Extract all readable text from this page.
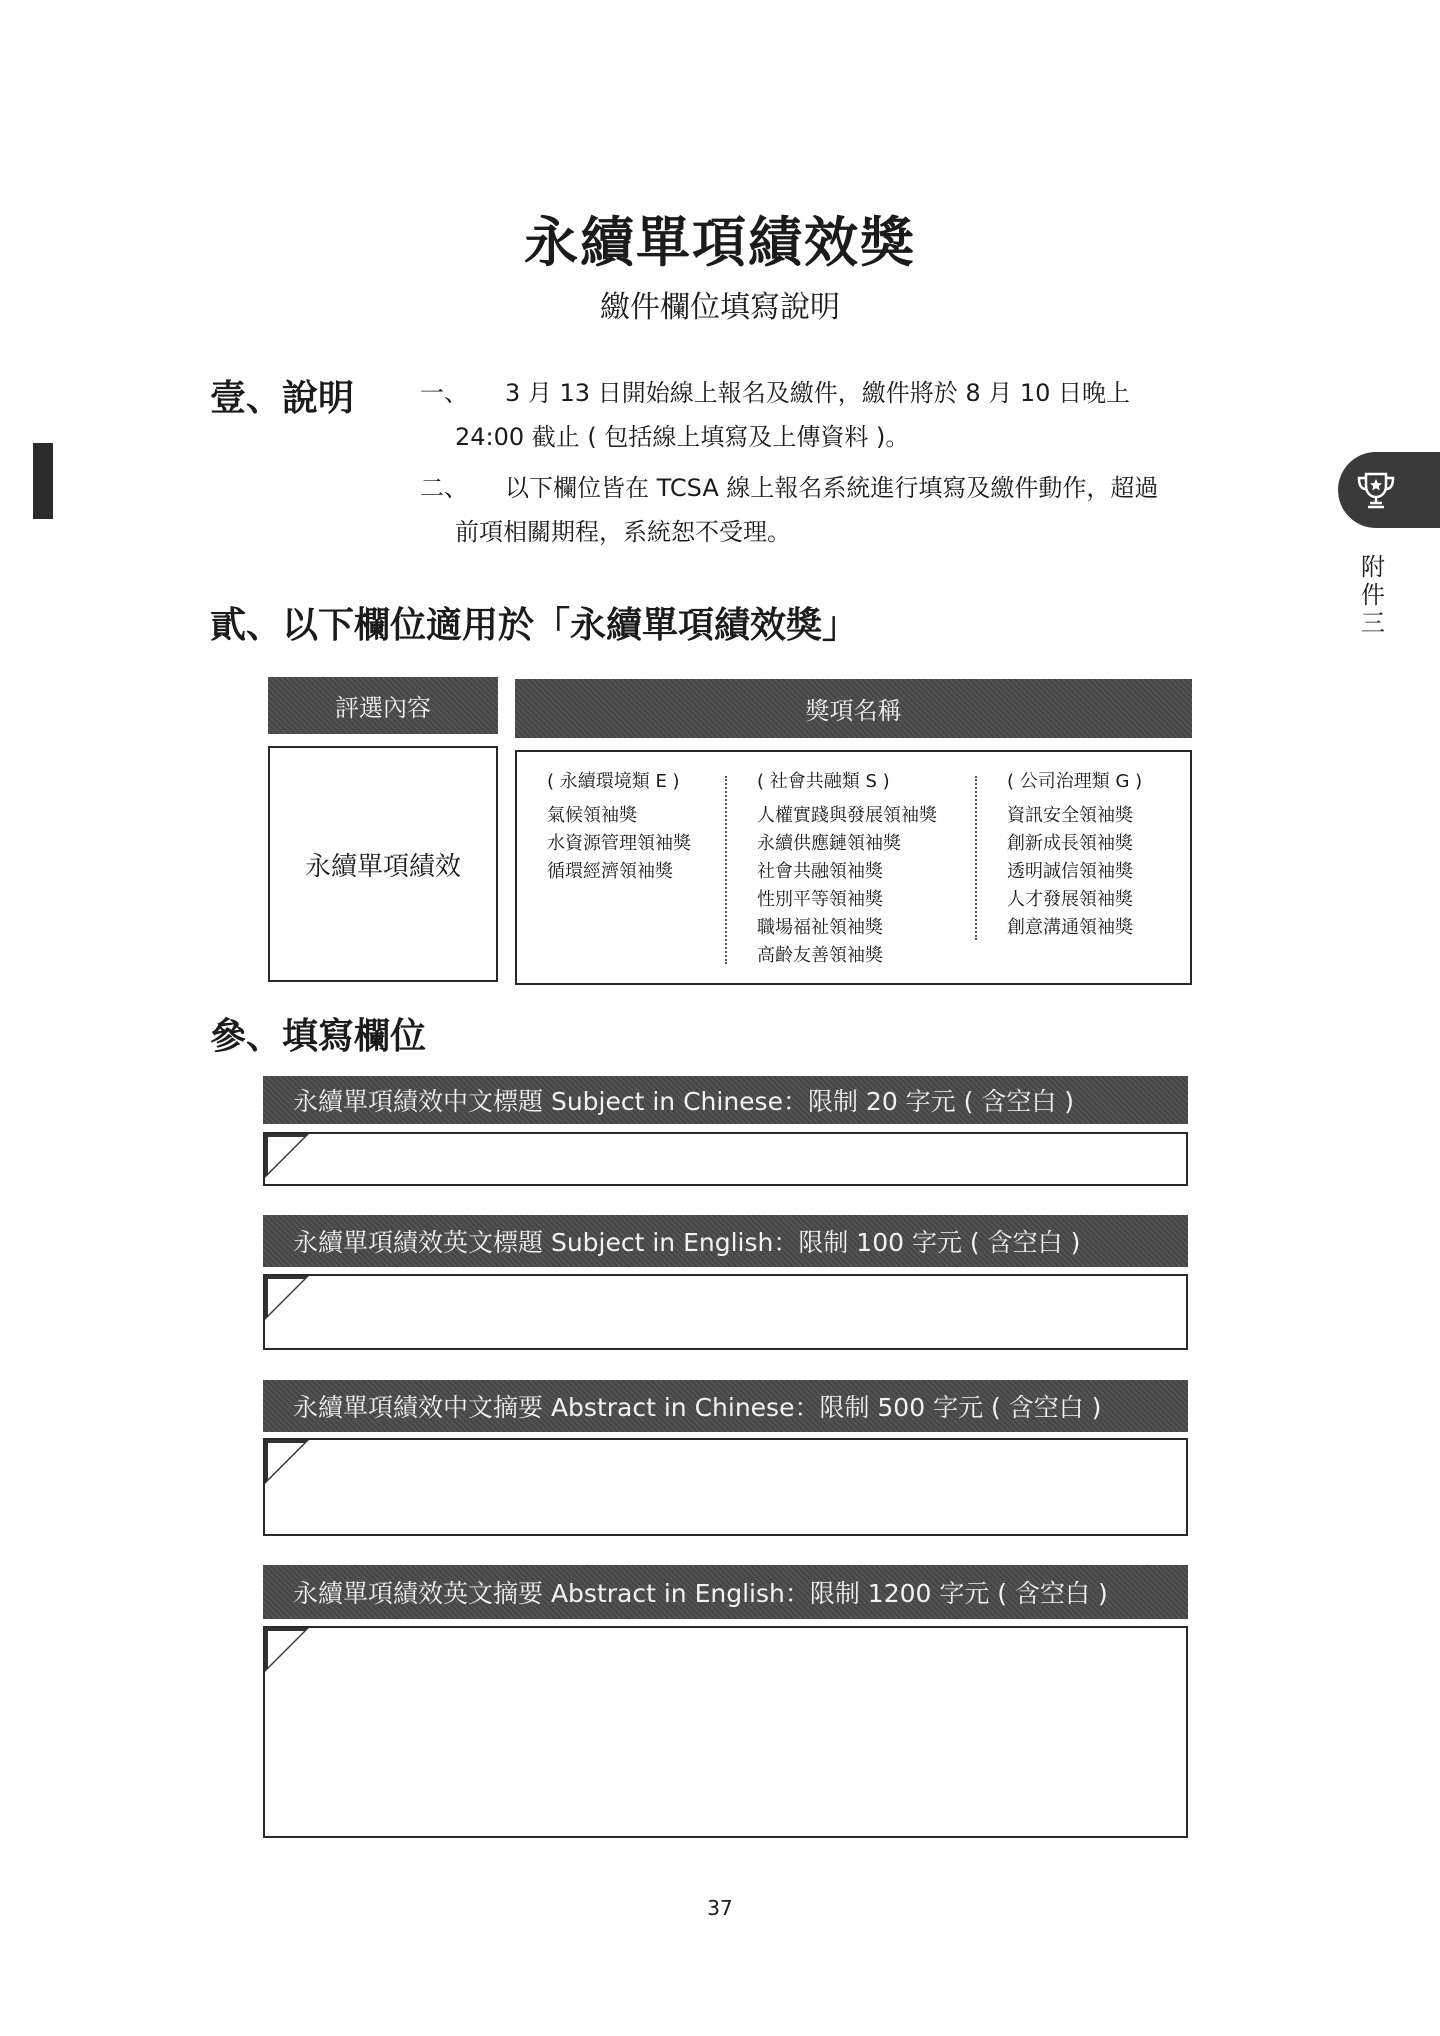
附件三
永續單項績效獎
繳件欄位填寫說明
壹、說明	一、 3 月 13 日開始線上報名及繳件，繳件將於 8 月 10 日晚上
24:00 截止 ( 包括線上填寫及上傳資料 )。
二、 以下欄位皆在 TCSA 線上報名系統進行填寫及繳件動作，超過
前項相關期程，系統恕不受理。
貳、以下欄位適用於「永續單項績效獎」
評選內容	獎項名稱
永續單項績效
( 永續環境類 E )
氣候領袖獎
水資源管理領袖獎
循環經濟領袖獎
( 社會共融類 S )
人權實踐與發展領袖獎
永續供應鏈領袖獎
社會共融領袖獎
性別平等領袖獎
職場福祉領袖獎
高齡友善領袖獎
( 公司治理類 G )
資訊安全領袖獎
創新成長領袖獎
透明誠信領袖獎
人才發展領袖獎
創意溝通領袖獎
參、填寫欄位
永續單項績效中文標題 Subject in Chinese：限制 20 字元 ( 含空白 )
永續單項績效英文標題 Subject in English：限制 100 字元 ( 含空白 )
永續單項績效中文摘要 Abstract in Chinese：限制 500 字元 ( 含空白 )
永續單項績效英文摘要 Abstract in English：限制 1200 字元 ( 含空白 )
37
